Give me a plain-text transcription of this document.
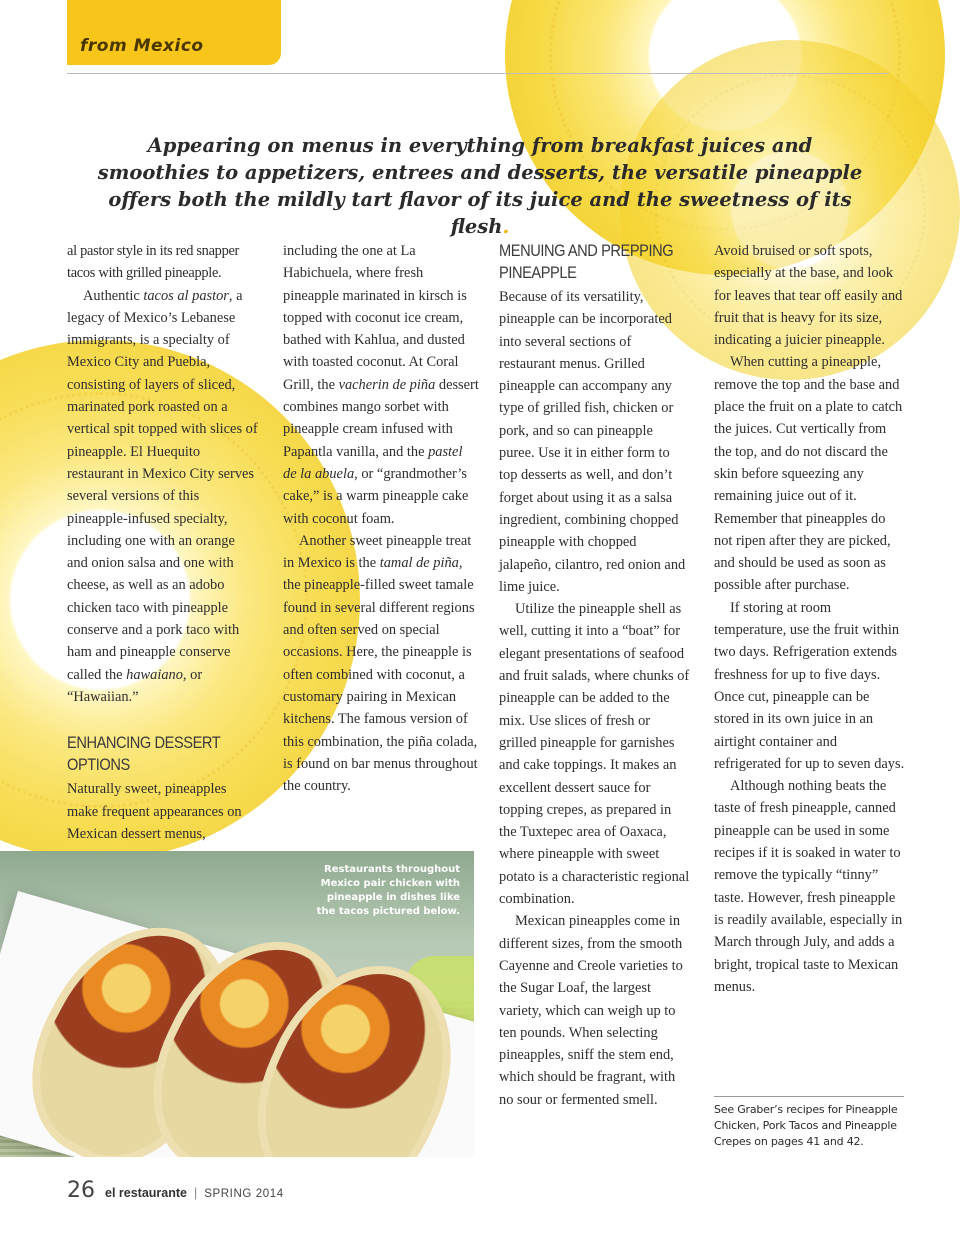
from Mexico
Appearing on menus in everything from breakfast juices and
smoothies to appetizers, entrees and desserts, the versatile pineapple
offers both the mildly tart flavor of its juice and the sweetness of its flesh.

al pastor style in its red snapper tacos with grilled pineapple.

Authentic tacos al pastor, a legacy of Mexico’s Lebanese immigrants, is a specialty of Mexico City and Puebla, consisting of layers of sliced, marinated pork roasted on a vertical spit topped with slices of pineapple. El Huequito restaurant in Mexico City serves several versions of this pineapple-infused specialty, including one with an orange and onion salsa and one with cheese, as well as an adobo chicken taco with pineapple conserve and a pork taco with ham and pineapple conserve called the hawaiano, or “Hawaiian.”

ENHANCING DESSERT OPTIONS

Naturally sweet, pineapples make frequent appearances on Mexican dessert menus,

including the one at La Habichuela, where fresh pineapple marinated in kirsch is topped with coconut ice cream, bathed with Kahlua, and dusted with toasted coconut. At Coral Grill, the vacherin de piña dessert combines mango sorbet with pineapple cream infused with Papantla vanilla, and the pastel de la abuela, or “grandmother’s cake,” is a warm pineapple cake with coconut foam.

Another sweet pineapple treat in Mexico is the tamal de piña, the pineapple-filled sweet tamale found in several different regions and often served on special occasions. Here, the pineapple is often combined with coconut, a customary pairing in Mexican kitchens. The famous version of this combination, the piña colada, is found on bar menus throughout the country.

MENUING AND PREPPING PINEAPPLE

Because of its versatility, pineapple can be incorporated into several sections of restaurant menus. Grilled pineapple can accompany any type of grilled fish, chicken or pork, and so can pineapple puree. Use it in either form to top desserts as well, and don’t forget about using it as a salsa ingredient, combining chopped pineapple with chopped jalapeño, cilantro, red onion and lime juice.

Utilize the pineapple shell as well, cutting it into a “boat” for elegant presentations of seafood and fruit salads, where chunks of pineapple can be added to the mix. Use slices of fresh or grilled pineapple for garnishes and cake toppings. It makes an excellent dessert sauce for topping crepes, as prepared in the Tuxtepec area of Oaxaca, where pineapple with sweet potato is a characteristic regional combination.

Mexican pineapples come in different sizes, from the smooth Cayenne and Creole varieties to the Sugar Loaf, the largest variety, which can weigh up to ten pounds. When selecting pineapples, sniff the stem end, which should be fragrant, with no sour or fermented smell.

Avoid bruised or soft spots, especially at the base, and look for leaves that tear off easily and fruit that is heavy for its size, indicating a juicier pineapple.

When cutting a pineapple, remove the top and the base and place the fruit on a plate to catch the juices. Cut vertically from the top, and do not discard the skin before squeezing any remaining juice out of it. Remember that pineapples do not ripen after they are picked, and should be used as soon as possible after purchase.

If storing at room temperature, use the fruit within two days. Refrigeration extends freshness for up to five days. Once cut, pineapple can be stored in its own juice in an airtight container and refrigerated for up to seven days.

Although nothing beats the taste of fresh pineapple, canned pineapple can be used in some recipes if it is soaked in water to remove the typically “tinny” taste. However, fresh pineapple is readily available, especially in March through July, and adds a bright, tropical taste to Mexican menus.

Restaurants throughout Mexico pair chicken with pineapple in dishes like the tacos pictured below.
See Graber’s recipes for Pineapple Chicken, Pork Tacos and Pineapple Crepes on pages 41 and 42.
26 el restaurante | SPRING 2014
